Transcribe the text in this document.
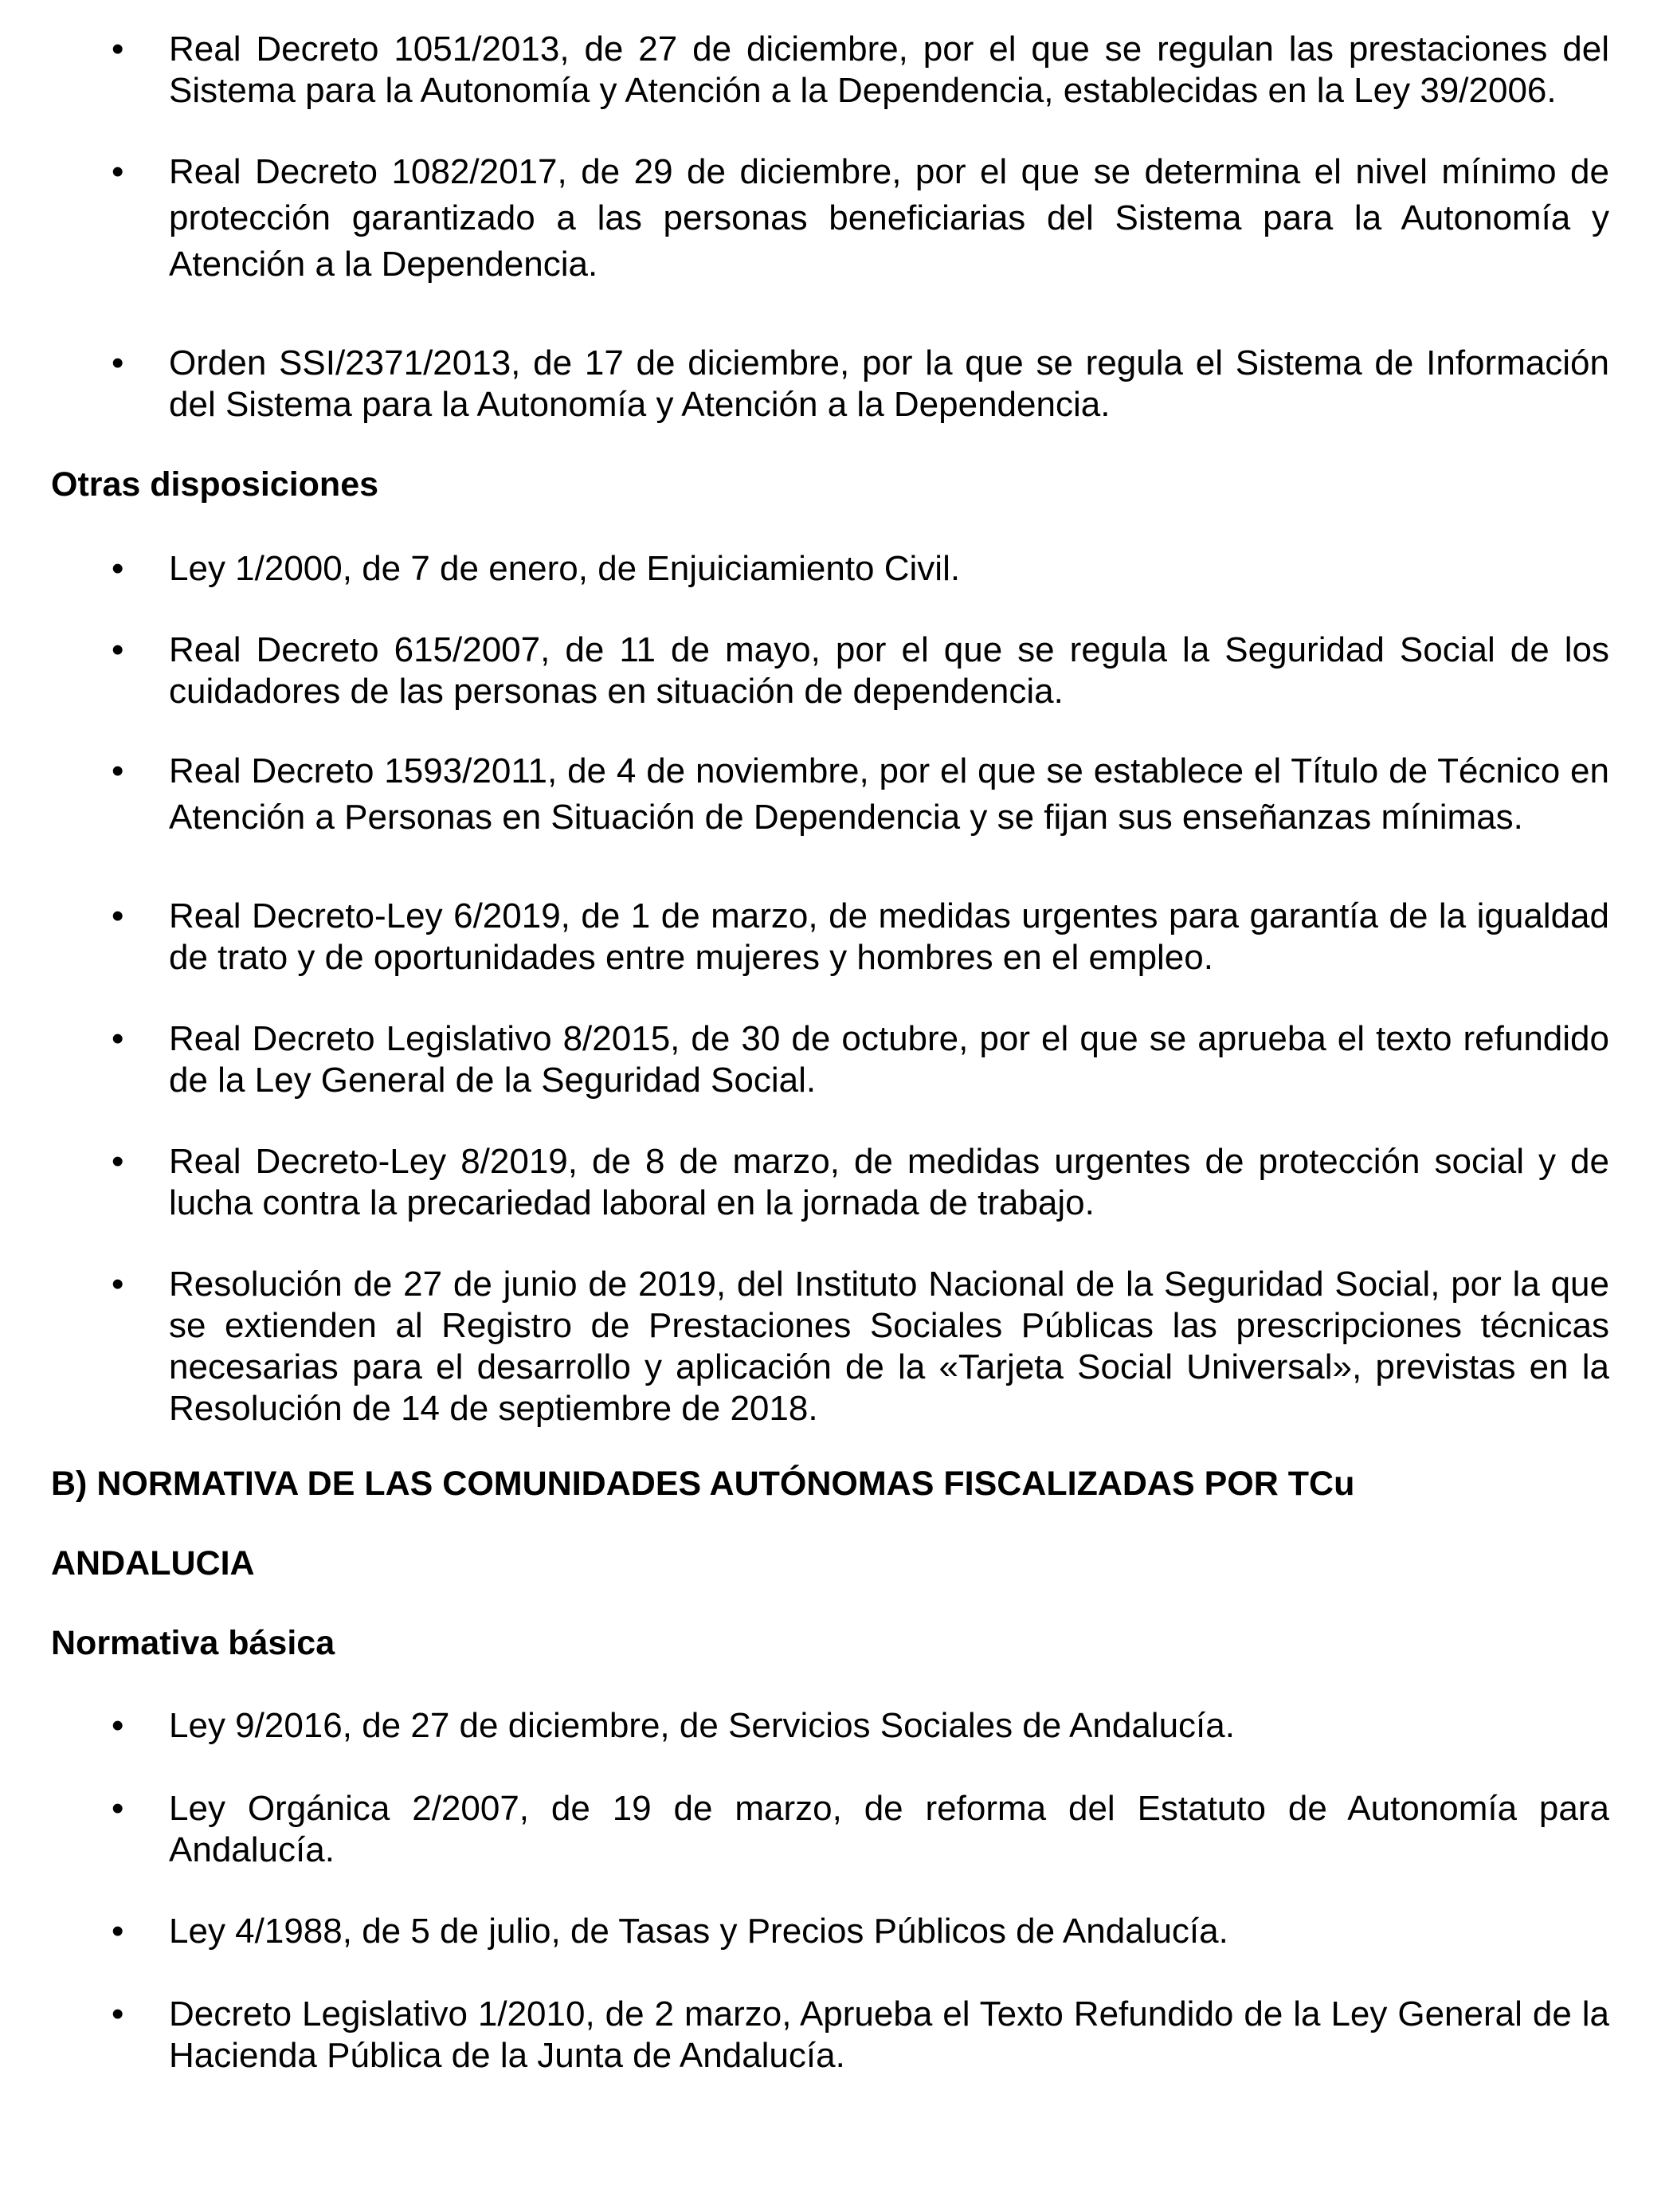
•	Real Decreto 1051/2013, de 27 de diciembre, por el que se regulan las prestaciones del Sistema para la Autonomía y Atención a la Dependencia, establecidas en la Ley 39/2006.

•	Real Decreto 1082/2017, de 29 de diciembre, por el que se determina el nivel mínimo de protección garantizado a las personas beneficiarias del Sistema para la Autonomía y Atención a la Dependencia.

•	Orden SSI/2371/2013, de 17 de diciembre, por la que se regula el Sistema de Información del Sistema para la Autonomía y Atención a la Dependencia.

Otras disposiciones
•	Ley 1/2000, de 7 de enero, de Enjuiciamiento Civil.

•	Real Decreto 615/2007, de 11 de mayo, por el que se regula la Seguridad Social de los cuidadores de las personas en situación de dependencia.

•	Real Decreto 1593/2011, de 4 de noviembre, por el que se establece el Título de Técnico en Atención a Personas en Situación de Dependencia y se fijan sus enseñanzas mínimas.

•	Real Decreto-Ley 6/2019, de 1 de marzo, de medidas urgentes para garantía de la igualdad de trato y de oportunidades entre mujeres y hombres en el empleo.

•	Real Decreto Legislativo 8/2015, de 30 de octubre, por el que se aprueba el texto refundido de la Ley General de la Seguridad Social.

•	Real Decreto-Ley 8/2019, de 8 de marzo, de medidas urgentes de protección social y de lucha contra la precariedad laboral en la jornada de trabajo.

•	Resolución de 27 de junio de 2019, del Instituto Nacional de la Seguridad Social, por la que se extienden al Registro de Prestaciones Sociales Públicas las prescripciones técnicas necesarias para el desarrollo y aplicación de la «Tarjeta Social Universal», previstas en la Resolución de 14 de septiembre de 2018.

B) NORMATIVA DE LAS COMUNIDADES AUTÓNOMAS FISCALIZADAS POR TCu
ANDALUCIA
Normativa básica
•	Ley 9/2016, de 27 de diciembre, de Servicios Sociales de Andalucía.

•	Ley Orgánica 2/2007, de 19 de marzo, de reforma del Estatuto de Autonomía para Andalucía.

•	Ley 4/1988, de 5 de julio, de Tasas y Precios Públicos de Andalucía.

•	Decreto Legislativo 1/2010, de 2 marzo, Aprueba el Texto Refundido de la Ley General de la Hacienda Pública de la Junta de Andalucía.
